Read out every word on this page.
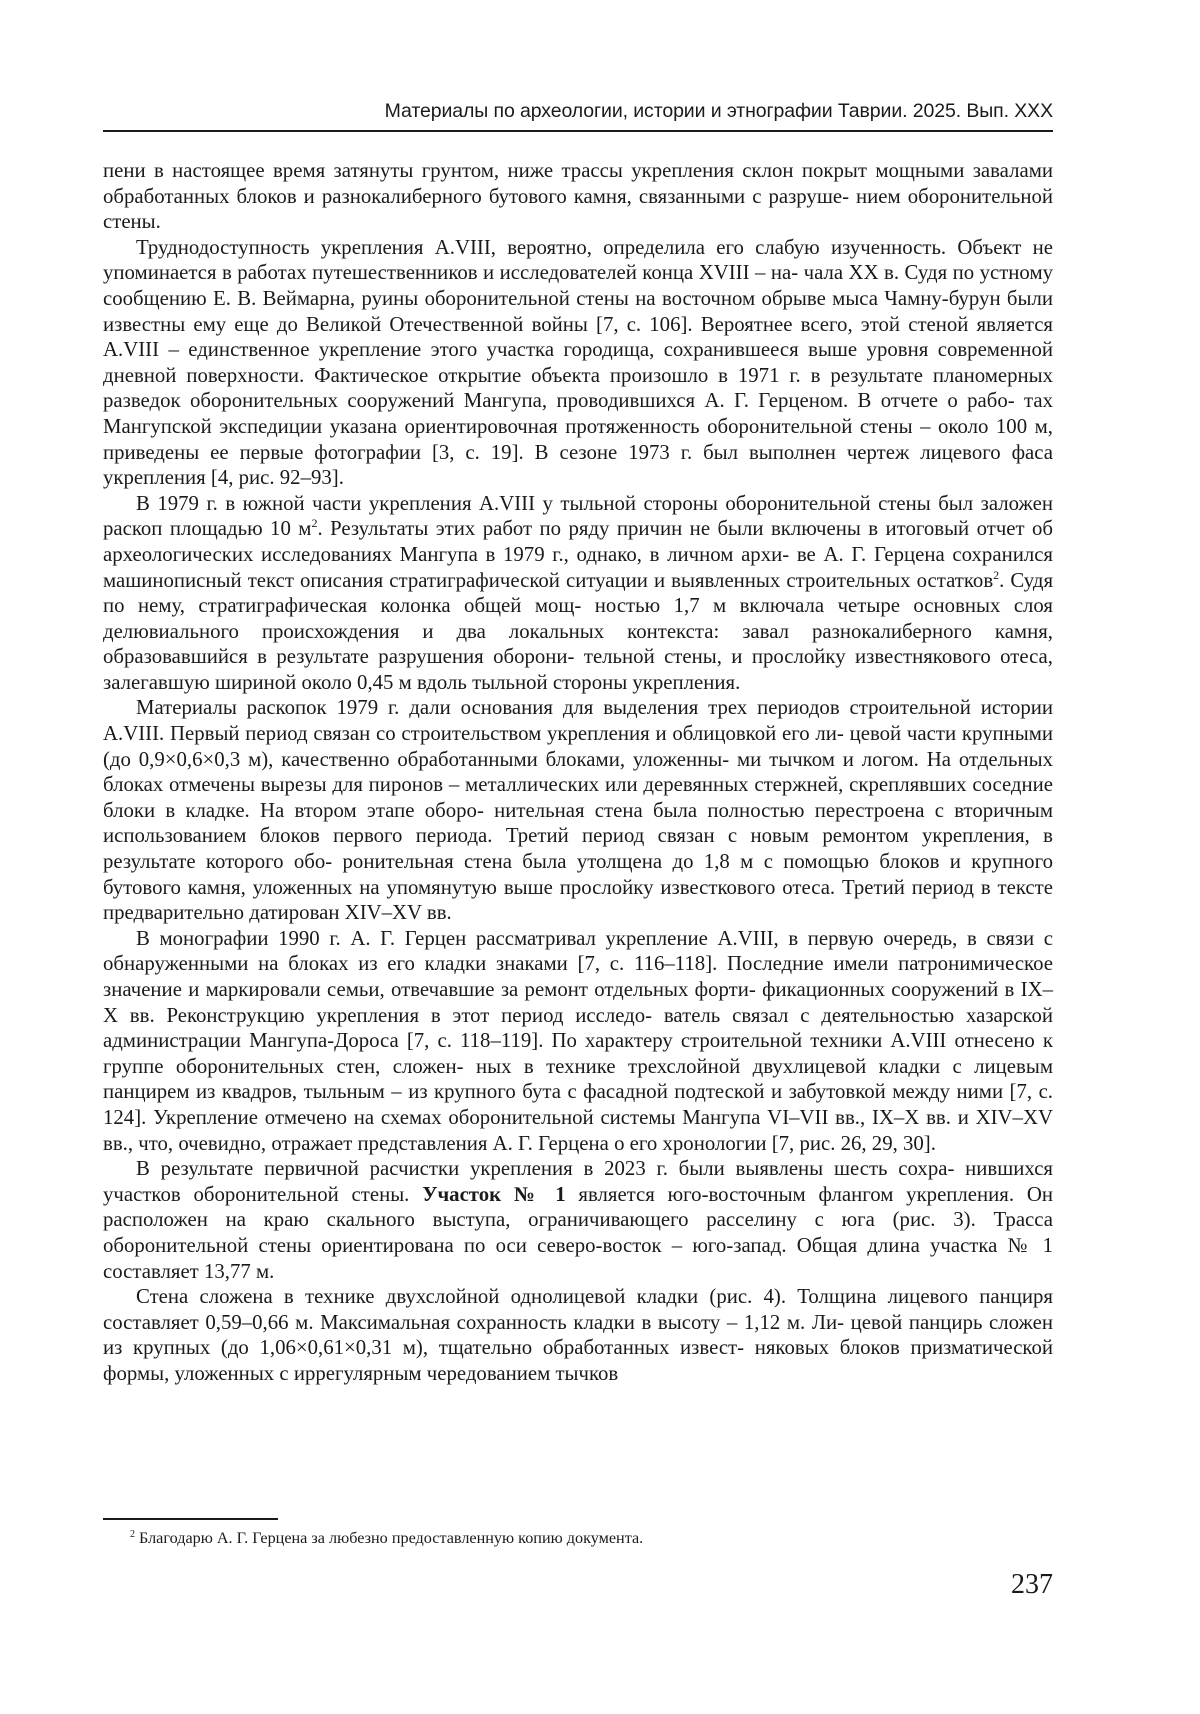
Материалы по археологии, истории и этнографии Таврии. 2025. Вып. XXX

пени в настоящее время затянуты грунтом, ниже трассы укрепления склон покрыт мощными завалами обработанных блоков и разнокалиберного бутового камня, связанными с разруше- нием оборонительной стены.

Труднодоступность укрепления A.VIII, вероятно, определила его слабую изученность. Объект не упоминается в работах путешественников и исследователей конца XVIII – на- чала XX в. Судя по устному сообщению Е. В. Веймарна, руины оборонительной стены на восточном обрыве мыса Чамну-бурун были известны ему еще до Великой Отечественной войны [7, с. 106]. Вероятнее всего, этой стеной является A.VIII – единственное укрепление этого участка городища, сохранившееся выше уровня современной дневной поверхности. Фактическое открытие объекта произошло в 1971 г. в результате планомерных разведок оборонительных сооружений Мангупа, проводившихся А. Г. Герценом. В отчете о рабо- тах Мангупской экспедиции указана ориентировочная протяженность оборонительной стены – около 100 м, приведены ее первые фотографии [3, с. 19]. В сезоне 1973 г. был выполнен чертеж лицевого фаса укрепления [4, рис. 92–93].

В 1979 г. в южной части укрепления A.VIII у тыльной стороны оборонительной стены был заложен раскоп площадью 10 $м^2$. Результаты этих работ по ряду причин не были включены в итоговый отчет об археологических исследованиях Мангупа в 1979 г., однако, в личном архи- ве А. Г. Герцена сохранился машинописный текст описания стратиграфической ситуации и выявленных строительных остатков$^2$. Судя по нему, стратиграфическая колонка общей мощ- ностью 1,7 м включала четыре основных слоя делювиального происхождения и два локальных контекста: завал разнокалиберного камня, образовавшийся в результате разрушения оборони- тельной стены, и прослойку известнякового отеса, залегавшую шириной около 0,45 м вдоль тыльной стороны укрепления.

Материалы раскопок 1979 г. дали основания для выделения трех периодов строительной истории A.VIII. Первый период связан со строительством укрепления и облицовкой его ли- цевой части крупными (до 0,9×0,6×0,3 м), качественно обработанными блоками, уложенны- ми тычком и логом. На отдельных блоках отмечены вырезы для пиронов – металлических или деревянных стержней, скреплявших соседние блоки в кладке. На втором этапе оборо- нительная стена была полностью перестроена с вторичным использованием блоков первого периода. Третий период связан с новым ремонтом укрепления, в результате которого обо- ронительная стена была утолщена до 1,8 м с помощью блоков и крупного бутового камня, уложенных на упомянутую выше прослойку известкового отеса. Третий период в тексте предварительно датирован XIV–XV вв.

В монографии 1990 г. А. Г. Герцен рассматривал укрепление A.VIII, в первую очередь, в связи с обнаруженными на блоках из его кладки знаками [7, с. 116–118]. Последние имели патронимическое значение и маркировали семьи, отвечавшие за ремонт отдельных форти- фикационных сооружений в IX–X вв. Реконструкцию укрепления в этот период исследо- ватель связал с деятельностью хазарской администрации Мангупа-Дороса [7, с. 118–119]. По характеру строительной техники A.VIII отнесено к группе оборонительных стен, сложен- ных в технике трехслойной двухлицевой кладки с лицевым панцирем из квадров, тыльным – из крупного бута с фасадной подтеской и забутовкой между ними [7, с. 124]. Укрепление отмечено на схемах оборонительной системы Мангупа VI–VII вв., IX–X вв. и XIV–XV вв., что, очевидно, отражает представления А. Г. Герцена о его хронологии [7, рис. 26, 29, 30].

В результате первичной расчистки укрепления в 2023 г. были выявлены шесть сохра- нившихся участков оборонительной стены. Участок № 1 является юго-восточным флангом укрепления. Он расположен на краю скального выступа, ограничивающего расселину с юга (рис. 3). Трасса оборонительной стены ориентирована по оси северо-восток – юго-запад. Общая длина участка № 1 составляет 13,77 м.

Стена сложена в технике двухслойной однолицевой кладки (рис. 4). Толщина лицевого панциря составляет 0,59–0,66 м. Максимальная сохранность кладки в высоту – 1,12 м. Ли- цевой панцирь сложен из крупных (до 1,06×0,61×0,31 м), тщательно обработанных извест- няковых блоков призматической формы, уложенных с иррегулярным чередованием тычков

$^2$ Благодарю А. Г. Герцена за любезно предоставленную копию документа.
237
